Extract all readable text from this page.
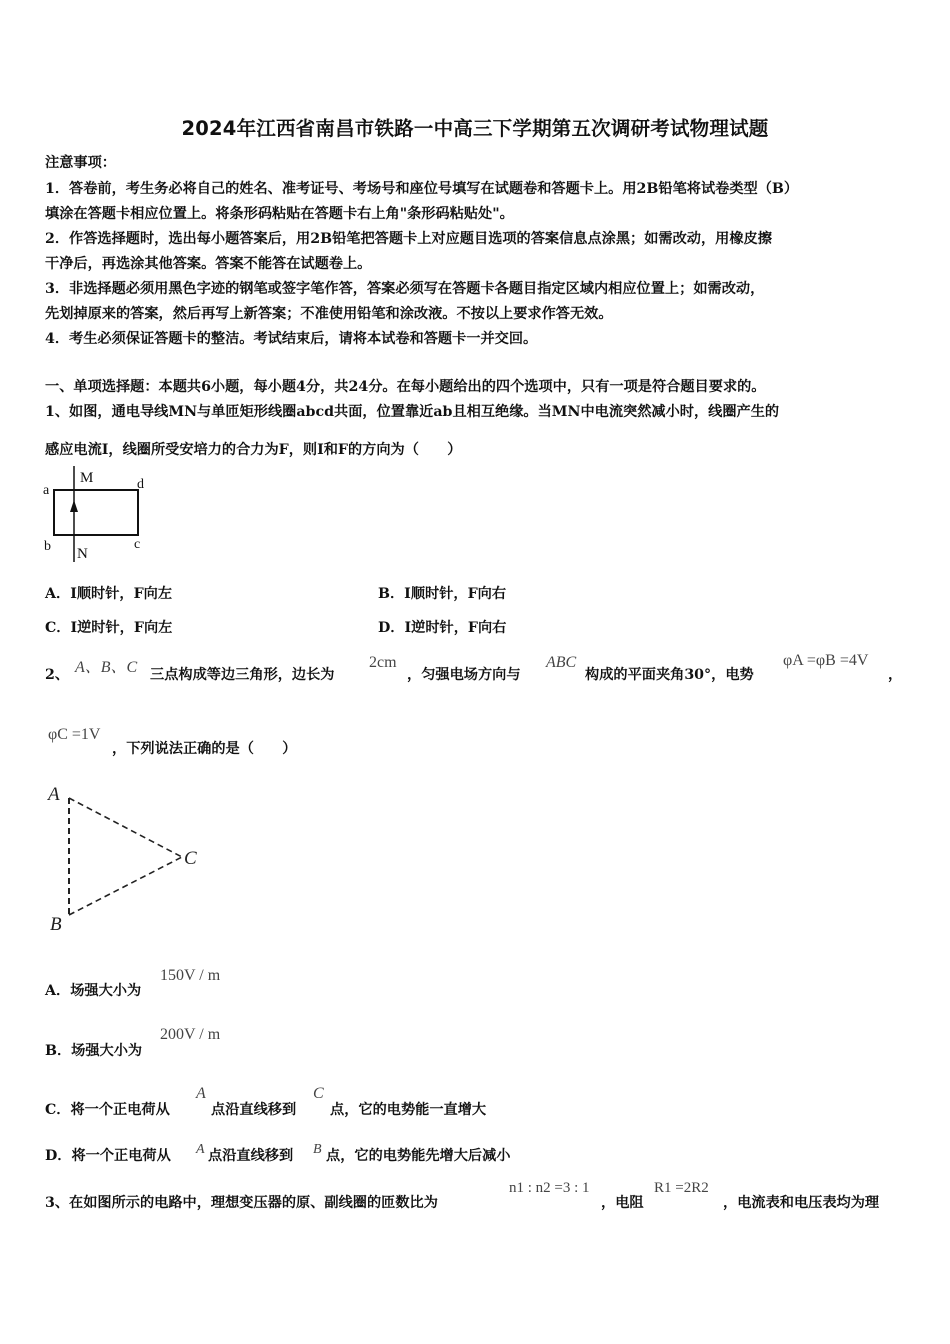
2024年江西省南昌市铁路一中高三下学期第五次调研考试物理试题
注意事项：
1．答卷前，考生务必将自己的姓名、准考证号、考场号和座位号填写在试题卷和答题卡上。用2B铅笔将试卷类型（B）
填涂在答题卡相应位置上。将条形码粘贴在答题卡右上角"条形码粘贴处"。
2．作答选择题时，选出每小题答案后，用2B铅笔把答题卡上对应题目选项的答案信息点涂黑；如需改动，用橡皮擦
干净后，再选涂其他答案。答案不能答在试题卷上。
3．非选择题必须用黑色字迹的钢笔或签字笔作答，答案必须写在答题卡各题目指定区域内相应位置上；如需改动，
先划掉原来的答案，然后再写上新答案；不准使用铅笔和涂改液。不按以上要求作答无效。
4．考生必须保证答题卡的整洁。考试结束后，请将本试卷和答题卡一并交回。
一、单项选择题：本题共6小题，每小题4分，共24分。在每小题给出的四个选项中，只有一项是符合题目要求的。
1、如图，通电导线MN与单匝矩形线圈abcd共面，位置靠近ab且相互绝缘。当MN中电流突然减小时，线圈产生的
感应电流I，线圈所受安培力的合力为F，则I和F的方向为（　　）
M
N
a
b	c
d
A．I顺时针，F向左	B．I顺时针，F向右
C．I逆时针，F向左	D．I逆时针，F向右
2、 A、B、C 三点构成等边三角形，边长为
2cm
，匀强电场方向与
ABC
构成的平面夹角30°，电势
φA =φB =4V
，
φC =1V
，下列说法正确的是（　　）
A
B
C
A．场强大小为
150V / m
B．场强大小为
200V / m
C．将一个正电荷从
A
点沿直线移到
C
点，它的电势能一直增大
D．将一个正电荷从 A 点沿直线移到 B 点，它的电势能先增大后减小
3、在如图所示的电路中，理想变压器的原、副线圈的匝数比为
n1 : n2 =3 : 1
，电阻
R1 =2R2
，电流表和电压表均为理
